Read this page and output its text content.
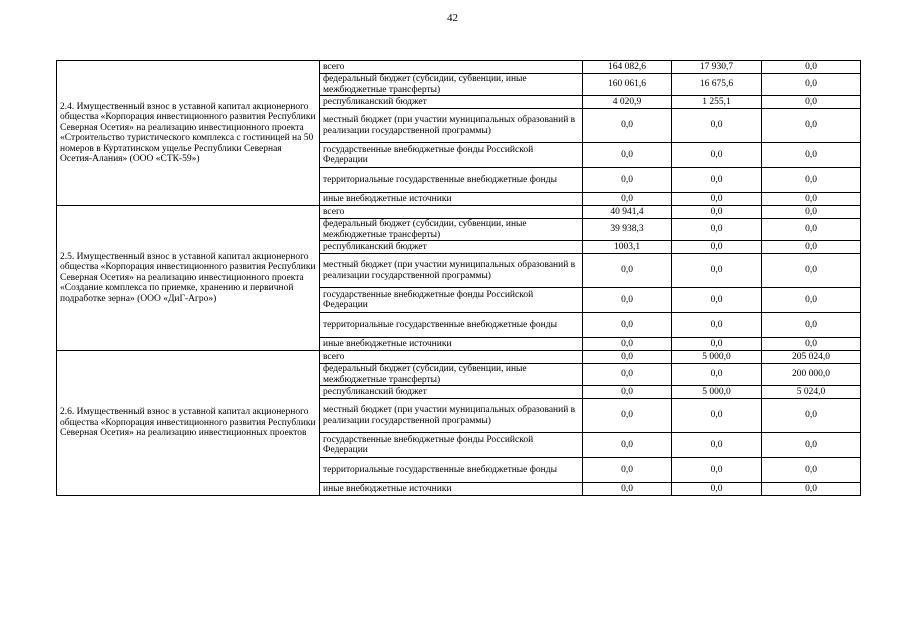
42
2.4. Имущественный взнос в уставной капитал акционерного общества «Корпорация инвестиционного развития Республики Северная Осетия» на реализацию инвестиционного проекта «Строительство туристического комплекса с гостиницей на 50 номеров в Куртатинском ущелье Республики Северная Осетия-Алания» (ООО «СТК-59»)	всего	164 082,6	17 930,7	0,0
	федеральный бюджет (субсидии, субвенции, иные межбюджетные трансферты)	160 061,6	16 675,6	0,0
	республиканский бюджет	4 020,9	1 255,1	0,0
	местный бюджет (при участии муниципальных образований в реализации государственной программы)	0,0	0,0	0,0
	государственные внебюджетные фонды Российской Федерации	0,0	0,0	0,0
	территориальные государственные внебюджетные фонды	0,0	0,0	0,0
	иные внебюджетные источники	0,0	0,0	0,0
2.5. Имущественный взнос в уставной капитал акционерного общества «Корпорация инвестиционного развития Республики Северная Осетия» на реализацию инвестиционного проекта «Создание комплекса по приемке, хранению и первичной подработке зерна» (ООО «ДиГ-Агро»)	всего	40 941,4	0,0	0,0
	федеральный бюджет (субсидии, субвенции, иные межбюджетные трансферты)	39 938,3	0,0	0,0
	республиканский бюджет	1003,1	0,0	0,0
	местный бюджет (при участии муниципальных образований в реализации государственной программы)	0,0	0,0	0,0
	государственные внебюджетные фонды Российской Федерации	0,0	0,0	0,0
	территориальные государственные внебюджетные фонды	0,0	0,0	0,0
	иные внебюджетные источники	0,0	0,0	0,0
2.6. Имущественный взнос в уставной капитал акционерного общества «Корпорация инвестиционного развития Республики Северная Осетия» на реализацию инвестиционных проектов	всего	0,0	5 000,0	205 024,0
	федеральный бюджет (субсидии, субвенции, иные межбюджетные трансферты)	0,0	0,0	200 000,0
	республиканский бюджет	0,0	5 000,0	5 024,0
	местный бюджет (при участии муниципальных образований в реализации государственной программы)	0,0	0,0	0,0
	государственные внебюджетные фонды Российской Федерации	0,0	0,0	0,0
	территориальные государственные внебюджетные фонды	0,0	0,0	0,0
	иные внебюджетные источники	0,0	0,0	0,0
